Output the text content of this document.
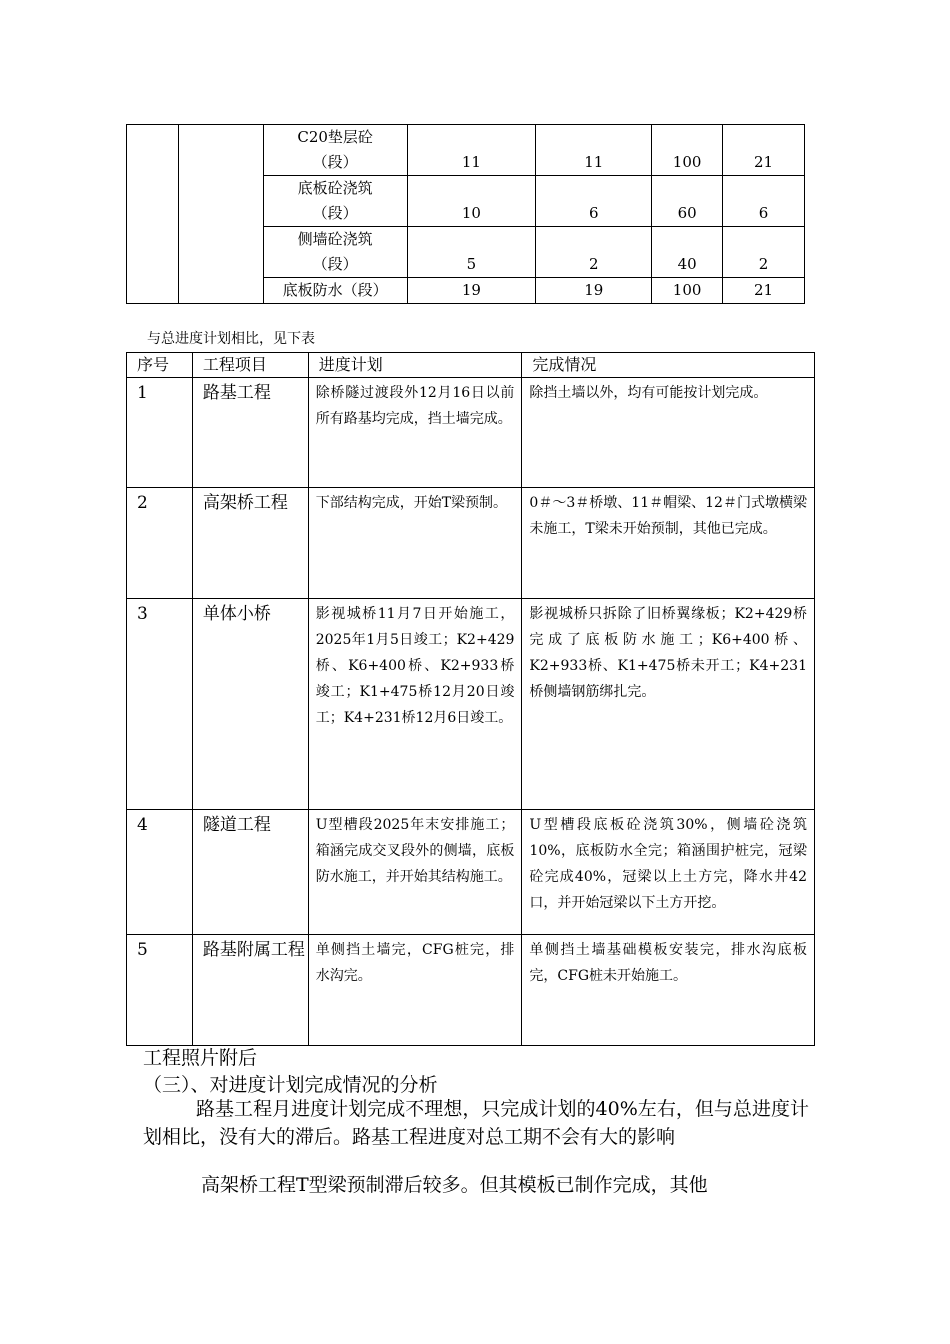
		C20垫层砼
（段）	11	11	100	21
		底板砼浇筑
（段）	10	6	60	6
		侧墙砼浇筑
（段）	5	2	40	2
		底板防水（段）	19	19	100	21
与总进度计划相比，见下表
序号	工程项目	进度计划	完成情况
1	路基工程	除桥隧过渡段外12月16日以前所有路基均完成，挡土墙完成。	除挡土墙以外，均有可能按计划完成。
2	高架桥工程	下部结构完成，开始T梁预制。	0＃～3＃桥墩、11＃帽梁、12＃门式墩横梁未施工，T梁未开始预制，其他已完成。
3	单体小桥	影视城桥11月7日开始施工，2025年1月5日竣工；K2+429桥、K6+400桥、K2+933桥竣工；K1+475桥12月20日竣工；K4+231桥12月6日竣工。	影视城桥只拆除了旧桥翼缘板；K2+429桥完成了底板防水施工；K6+400桥、K2+933桥、K1+475桥未开工；K4+231桥侧墙钢筋绑扎完。
4	隧道工程	U型槽段2025年末安排施工；箱涵完成交叉段外的侧墙，底板防水施工，并开始其结构施工。	U型槽段底板砼浇筑30%，侧墙砼浇筑10%，底板防水全完；箱涵围护桩完，冠梁砼完成40%，冠梁以上土方完，降水井42口，并开始冠梁以下土方开挖。
5	路基附属工程	单侧挡土墙完，CFG桩完，排水沟完。	单侧挡土墙基础模板安装完，排水沟底板完，CFG桩未开始施工。
工程照片附后
（三）、对进度计划完成情况的分析
路基工程月进度计划完成不理想，只完成计划的40%左右，但与总进度计划相比，没有大的滞后。路基工程进度对总工期不会有大的影响
高架桥工程T型梁预制滞后较多。但其模板已制作完成，其他
